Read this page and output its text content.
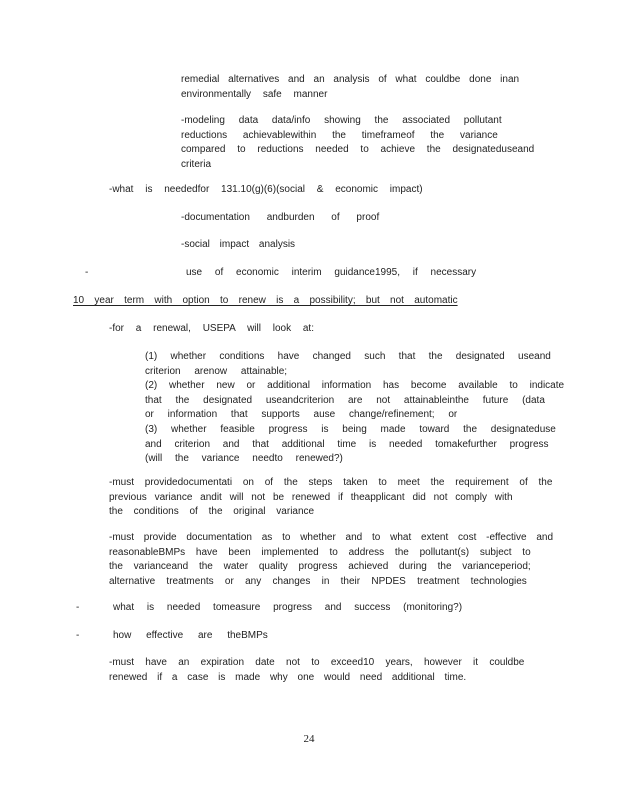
remedial alternatives and an analysis of what couldbe done inan

environmentally safe manner

-modeling data data/info showing the associated pollutant

reductions achievablewithin the timeframeof the variance

compared to reductions needed to achieve the designateduseand

criteria

-what is neededfor 131.10(g)(6)(social & economic impact)

-documentation andburden of proof

-social impact analysis

-	use of economic interim guidance1995, if necessary

10 year term with option to renew is a possibility; but not automatic

-for a renewal, USEPA will look at:

(1) whether conditions have changed such that the designated useand

criterion arenow attainable;

(2) whether new or additional information has become available to indicate

that the designated useandcriterion are not attainableinthe future (data

or information that supports ause change/refinement; or

(3) whether feasible progress is being made toward the designateduse

and criterion and that additional time is needed tomakefurther progress

(will the variance needto renewed?)

-must providedocumentati on of the steps taken to meet the requirement of the

previous variance andit will not be renewed if theapplicant did not comply with

the conditions of the original variance

-must provide documentation as to whether and to what extent cost -effective and

reasonableBMPs have been implemented to address the pollutant(s) subject to

the varianceand the water quality progress achieved during the varianceperiod;

alternative treatments or any changes in their NPDES treatment technologies

-	what is needed tomeasure progress and success (monitoring?)

-	how effective are theBMPs

-must have an expiration date not to exceed10 years, however it couldbe

renewed if a case is made why one would need additional time.

24
